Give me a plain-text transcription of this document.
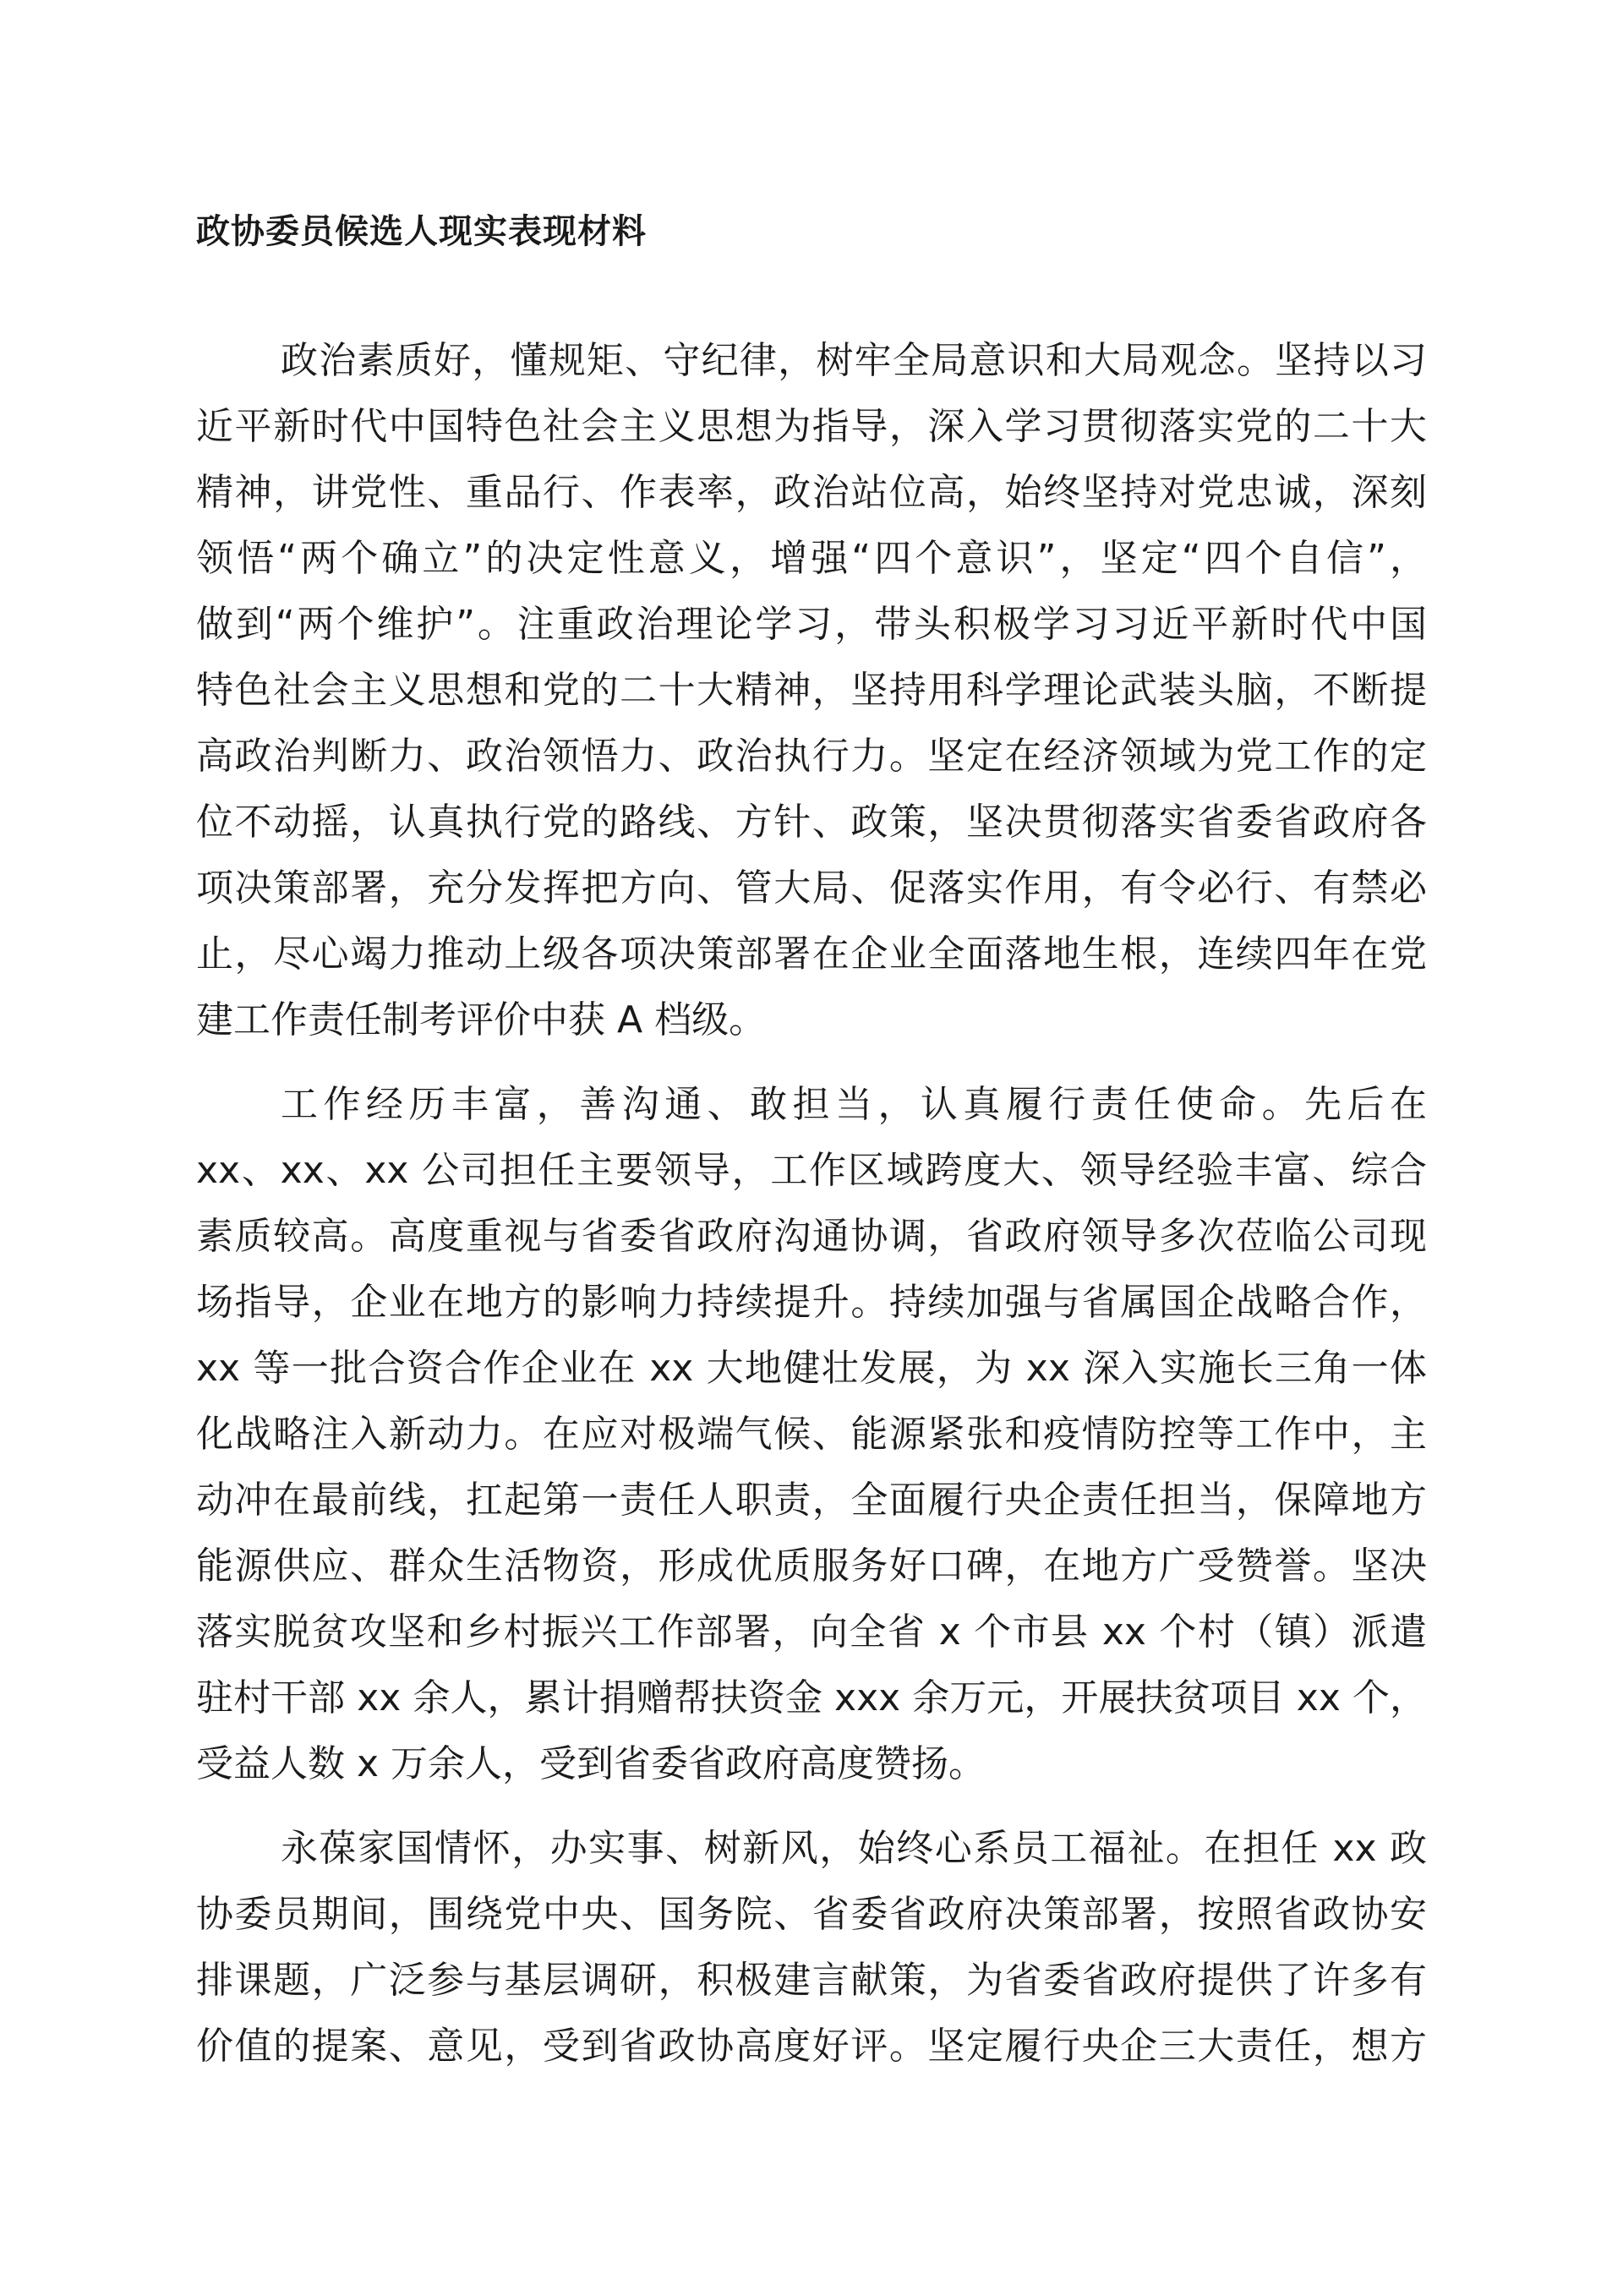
政协委员候选人现实表现材料
政治素质好，懂规矩、守纪律，树牢全局意识和大局观念。坚持以习
近平新时代中国特色社会主义思想为指导，深入学习贯彻落实党的二十大
精神，讲党性、重品行、作表率，政治站位高，始终坚持对党忠诚，深刻
领悟“两个确立”的决定性意义，增强“四个意识”，坚定“四个自信”，
做到“两个维护”。注重政治理论学习，带头积极学习习近平新时代中国
特色社会主义思想和党的二十大精神，坚持用科学理论武装头脑，不断提
高政治判断力、政治领悟力、政治执行力。坚定在经济领域为党工作的定
位不动摇，认真执行党的路线、方针、政策，坚决贯彻落实省委省政府各
项决策部署，充分发挥把方向、管大局、促落实作用，有令必行、有禁必
止，尽心竭力推动上级各项决策部署在企业全面落地生根，连续四年在党
建工作责任制考评价中获 A 档级。
工作经历丰富，善沟通、敢担当，认真履行责任使命。先后在
xx、xx、xx 公司担任主要领导，工作区域跨度大、领导经验丰富、综合
素质较高。高度重视与省委省政府沟通协调，省政府领导多次莅临公司现
场指导，企业在地方的影响力持续提升。持续加强与省属国企战略合作，
xx 等一批合资合作企业在 xx 大地健壮发展，为 xx 深入实施长三角一体
化战略注入新动力。在应对极端气候、能源紧张和疫情防控等工作中，主
动冲在最前线，扛起第一责任人职责，全面履行央企责任担当，保障地方
能源供应、群众生活物资，形成优质服务好口碑，在地方广受赞誉。坚决
落实脱贫攻坚和乡村振兴工作部署，向全省 x 个市县 xx 个村（镇）派遣
驻村干部 xx 余人，累计捐赠帮扶资金 xxx 余万元，开展扶贫项目 xx 个，
受益人数 x 万余人，受到省委省政府高度赞扬。
永葆家国情怀，办实事、树新风，始终心系员工福祉。在担任 xx 政
协委员期间，围绕党中央、国务院、省委省政府决策部署，按照省政协安
排课题，广泛参与基层调研，积极建言献策，为省委省政府提供了许多有
价值的提案、意见，受到省政协高度好评。坚定履行央企三大责任，想方
